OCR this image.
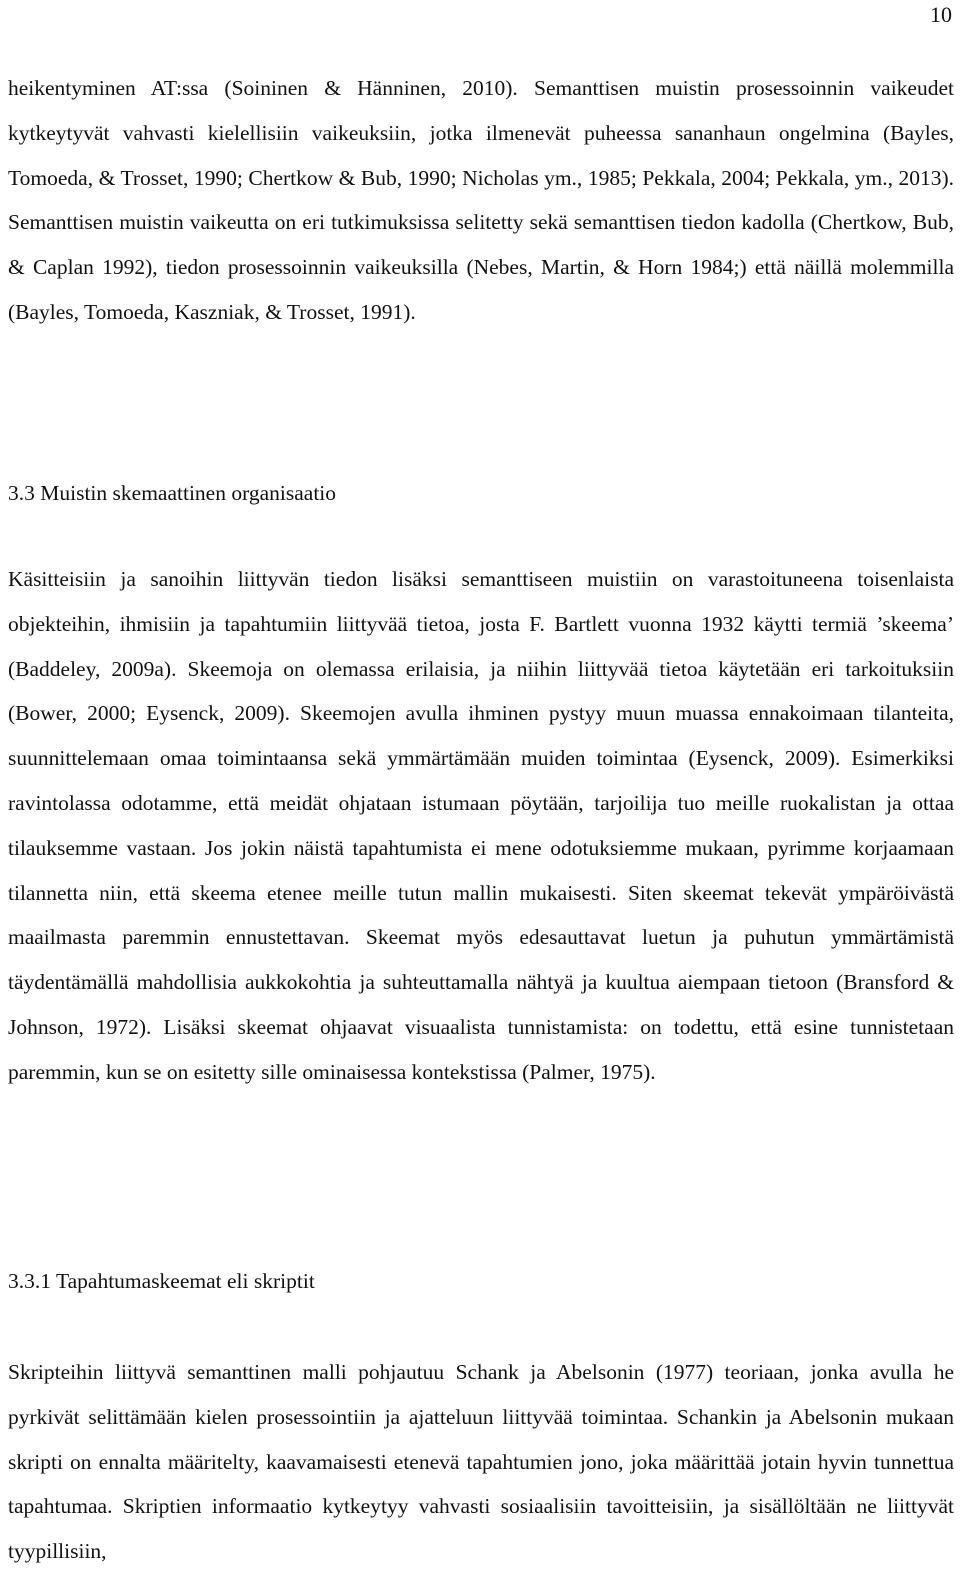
10

heikentyminen AT:ssa (Soininen & Hänninen, 2010). Semanttisen muistin prosessoinnin vaikeudet kytkeytyvät vahvasti kielellisiin vaikeuksiin, jotka ilmenevät puheessa sananhaun ongelmina (Bayles, Tomoeda, & Trosset, 1990; Chertkow & Bub, 1990; Nicholas ym., 1985; Pekkala, 2004; Pekkala, ym., 2013). Semanttisen muistin vaikeutta on eri tutkimuksissa selitetty sekä semanttisen tiedon kadolla (Chertkow, Bub, & Caplan 1992), tiedon prosessoinnin vaikeuksilla (Nebes, Martin, & Horn 1984;) että näillä molemmilla (Bayles, Tomoeda, Kaszniak, & Trosset, 1991).

3.3 Muistin skemaattinen organisaatio

Käsitteisiin ja sanoihin liittyvän tiedon lisäksi semanttiseen muistiin on varastoituneena toisenlaista objekteihin, ihmisiin ja tapahtumiin liittyvää tietoa, josta F. Bartlett vuonna 1932 käytti termiä ’skeema’ (Baddeley, 2009a). Skeemoja on olemassa erilaisia, ja niihin liittyvää tietoa käytetään eri tarkoituksiin (Bower, 2000; Eysenck, 2009). Skeemojen avulla ihminen pystyy muun muassa ennakoimaan tilanteita, suunnittelemaan omaa toimintaansa sekä ymmärtämään muiden toimintaa (Eysenck, 2009). Esimerkiksi ravintolassa odotamme, että meidät ohjataan istumaan pöytään, tarjoilija tuo meille ruokalistan ja ottaa tilauksemme vastaan. Jos jokin näistä tapahtumista ei mene odotuksiemme mukaan, pyrimme korjaamaan tilannetta niin, että skeema etenee meille tutun mallin mukaisesti. Siten skeemat tekevät ympäröivästä maailmasta paremmin ennustettavan. Skeemat myös edesauttavat luetun ja puhutun ymmärtämistä täydentämällä mahdollisia aukkokohtia ja suhteuttamalla nähtyä ja kuultua aiempaan tietoon (Bransford & Johnson, 1972). Lisäksi skeemat ohjaavat visuaalista tunnistamista: on todettu, että esine tunnistetaan paremmin, kun se on esitetty sille ominaisessa kontekstissa (Palmer, 1975).

3.3.1 Tapahtumaskeemat eli skriptit

Skripteihin liittyvä semanttinen malli pohjautuu Schank ja Abelsonin (1977) teoriaan, jonka avulla he pyrkivät selittämään kielen prosessointiin ja ajatteluun liittyvää toimintaa. Schankin ja Abelsonin mukaan skripti on ennalta määritelty, kaavamaisesti etenevä tapahtumien jono, joka määrittää jotain hyvin tunnettua tapahtumaa. Skriptien informaatio kytkeytyy vahvasti sosiaalisiin tavoitteisiin, ja sisällöltään ne liittyvät tyypillisiin,
